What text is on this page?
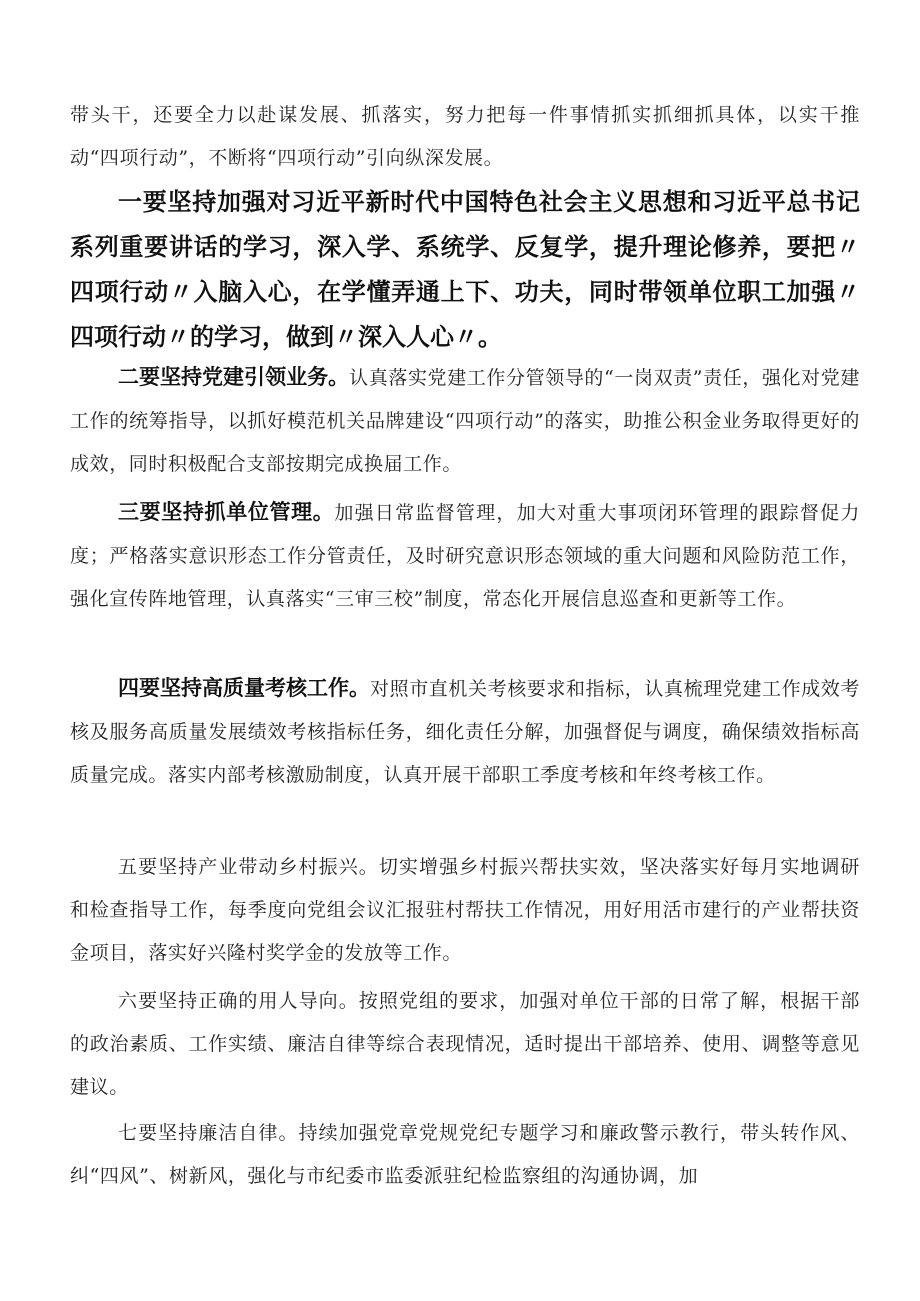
带头干，还要全力以赴谋发展、抓落实，努力把每一件事情抓实抓细抓具体，以实干推动“四项行动”，不断将“四项行动”引向纵深发展。

一要坚持加强对习近平新时代中国特色社会主义思想和习近平总书记系列重要讲话的学习，深入学、系统学、反复学，提升理论修养，要把〃四项行动〃入脑入心，在学懂弄通上下、功夫，同时带领单位职工加强〃四项行动〃的学习，做到〃深入人心〃。

二要坚持党建引领业务。认真落实党建工作分管领导的“一岗双责”责任，强化对党建工作的统筹指导，以抓好模范机关品牌建设“四项行动”的落实，助推公积金业务取得更好的成效，同时积极配合支部按期完成换届工作。

三要坚持抓单位管理。加强日常监督管理，加大对重大事项闭环管理的跟踪督促力度；严格落实意识形态工作分管责任，及时研究意识形态领域的重大问题和风险防范工作，强化宣传阵地管理，认真落实“三审三校”制度，常态化开展信息巡查和更新等工作。

四要坚持高质量考核工作。对照市直机关考核要求和指标，认真梳理党建工作成效考核及服务高质量发展绩效考核指标任务，细化责任分解，加强督促与调度，确保绩效指标高质量完成。落实内部考核激励制度，认真开展干部职工季度考核和年终考核工作。

五要坚持产业带动乡村振兴。切实增强乡村振兴帮扶实效，坚决落实好每月实地调研和检查指导工作，每季度向党组会议汇报驻村帮扶工作情况，用好用活市建行的产业帮扶资金项目，落实好兴隆村奖学金的发放等工作。

六要坚持正确的用人导向。按照党组的要求，加强对单位干部的日常了解，根据干部的政治素质、工作实绩、廉洁自律等综合表现情况，适时提出干部培养、使用、调整等意见建议。

七要坚持廉洁自律。持续加强党章党规党纪专题学习和廉政警示教行，带头转作风、纠“四风”、树新风，强化与市纪委市监委派驻纪检监察组的沟通协调，加
